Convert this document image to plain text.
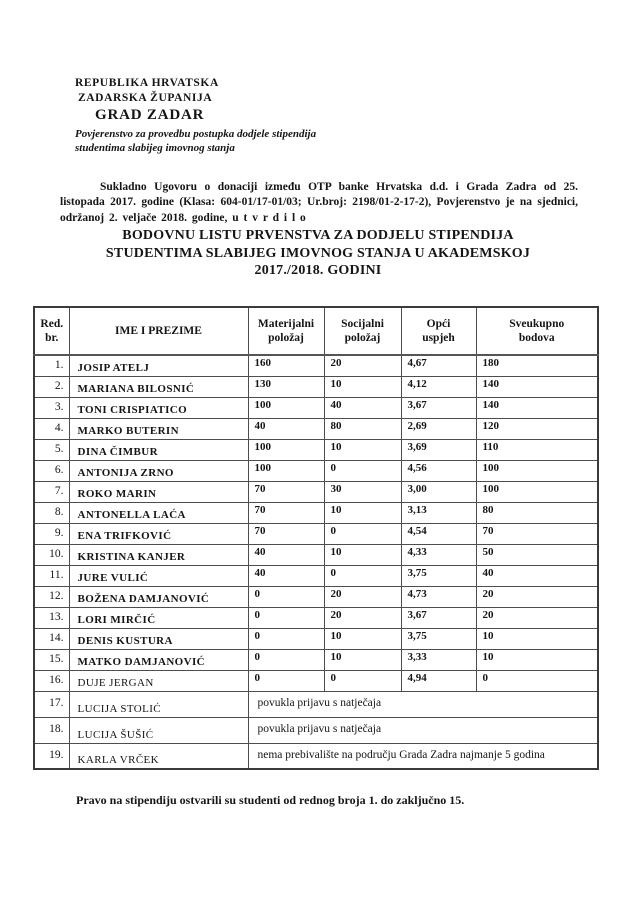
REPUBLIKA HRVATSKA
ZADARSKA ŽUPANIJA
GRAD ZADAR
Povjerenstvo za provedbu postupka dodjele stipendija
studentima slabijeg imovnog stanja

Sukladno Ugovoru o donaciji između OTP banke Hrvatska d.d. i Grada Zadra od 25. listopada 2017. godine (Klasa: 604-01/17-01/03; Ur.broj: 2198/01-2-17-2), Povjerenstvo je na sjednici, održanoj 2. veljače 2018. godine, u t v r d i l o

BODOVNU LISTU PRVENSTVA ZA DODJELU STIPENDIJA
STUDENTIMA SLABIJEG IMOVNOG STANJA U AKADEMSKOJ
2017./2018. GODINI
Red. br.	IME I PREZIME	Materijalni položaj	Socijalni položaj	Opći uspjeh	Sveukupno bodova
1.	JOSIP ATELJ	160	20	4,67	180
2.	MARIANA BILOSNIĆ	130	10	4,12	140
3.	TONI CRISPIATICO	100	40	3,67	140
4.	MARKO BUTERIN	40	80	2,69	120
5.	DINA ČIMBUR	100	10	3,69	110
6.	ANTONIJA ZRNO	100	0	4,56	100
7.	ROKO MARIN	70	30	3,00	100
8.	ANTONELLA LAĆA	70	10	3,13	80
9.	ENA TRIFKOVIĆ	70	0	4,54	70
10.	KRISTINA KANJER	40	10	4,33	50
11.	JURE VULIĆ	40	0	3,75	40
12.	BOŽENA DAMJANOVIĆ	0	20	4,73	20
13.	LORI MIRČIĆ	0	20	3,67	20
14.	DENIS KUSTURA	0	10	3,75	10
15.	MATKO DAMJANOVIĆ	0	10	3,33	10
16.	DUJE JERGAN	0	0	4,94	0
17.	LUCIJA STOLIĆ	povukla prijavu s natječaja			
18.	LUCIJA ŠUŠIĆ	povukla prijavu s natječaja			
19.	KARLA VRČEK	nema prebivalište na području Grada Zadra najmanje 5 godina			

Pravo na stipendiju ostvarili su studenti od rednog broja 1. do zaključno 15.
